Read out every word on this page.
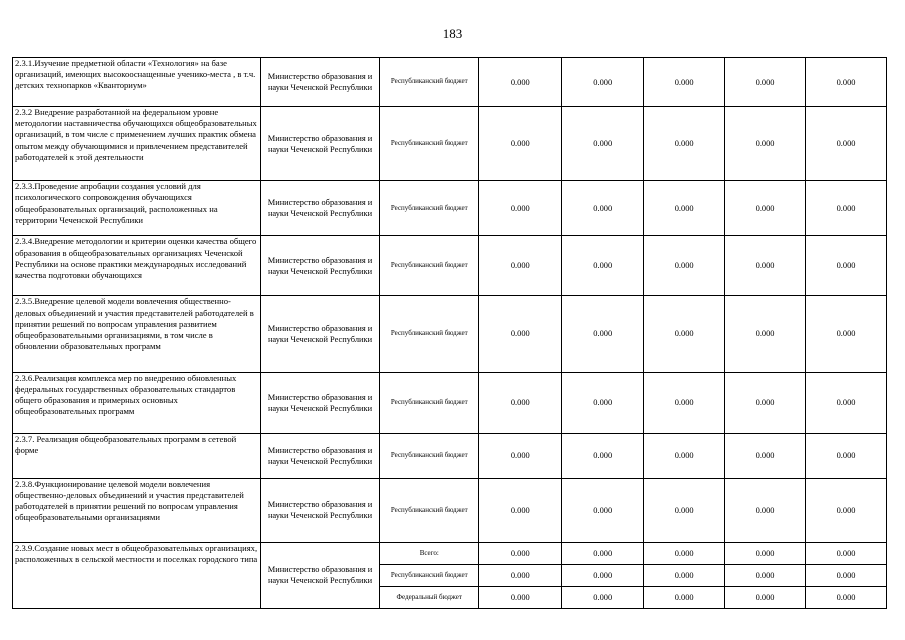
183
2.3.1.Изучение предметной области «Технология» на базе организаций, имеющих высокооснащенные ученико-места , в т.ч. детских технопарков «Кванториум»	Министерство образования и науки Чеченской Республики	Республиканский бюджет	0.000	0.000	0.000	0.000	0.000
2.3.2 Внедрение разработанной на федеральном уровне методологии наставничества обучающихся общеобразовательных организаций, в том числе с применением лучших практик обмена опытом между обучающимися и привлечением представителей работодателей к этой деятельности	Министерство образования и науки Чеченской Республики	Республиканский бюджет	0.000	0.000	0.000	0.000	0.000
2.3.3.Проведение апробации создания условий для психологического сопровождения обучающихся общеобразовательных организаций, расположенных на территории Чеченской Республики	Министерство образования и науки Чеченской Республики	Республиканский бюджет	0.000	0.000	0.000	0.000	0.000
2.3.4.Внедрение методологии и критерии оценки качества общего образования в общеобразовательных организациях Чеченской Республики на основе практики международных исследований качества подготовки обучающихся	Министерство образования и науки Чеченской Республики	Республиканский бюджет	0.000	0.000	0.000	0.000	0.000
2.3.5.Внедрение целевой модели вовлечения общественно-деловых объединений и участия представителей работодателей в принятии решений по вопросам управления развитием общеобразовательными организациями, в том числе в обновлении образовательных программ	Министерство образования и науки Чеченской Республики	Республиканский бюджет	0.000	0.000	0.000	0.000	0.000
2.3.6.Реализация комплекса мер по внедрению обновленных федеральных государственных образовательных стандартов общего образования и примерных основных общеобразовательных программ	Министерство образования и науки Чеченской Республики	Республиканский бюджет	0.000	0.000	0.000	0.000	0.000
2.3.7. Реализация общеобразовательных программ в сетевой форме	Министерство образования и науки Чеченской Республики	Республиканский бюджет	0.000	0.000	0.000	0.000	0.000
2.3.8.Функционирование целевой модели вовлечения общественно-деловых объединений и участия представителей работодателей в принятии решений по вопросам управления общеобразовательными организациями	Министерство образования и науки Чеченской Республики	Республиканский бюджет	0.000	0.000	0.000	0.000	0.000
2.3.9.Создание новых мест в общеобразовательных организациях, расположенных в сельской местности и поселках городского типа	Министерство образования и науки Чеченской Республики	Всего:	0.000	0.000	0.000	0.000	0.000
		Республиканский бюджет	0.000	0.000	0.000	0.000	0.000
		Федеральный бюджет	0.000	0.000	0.000	0.000	0.000
